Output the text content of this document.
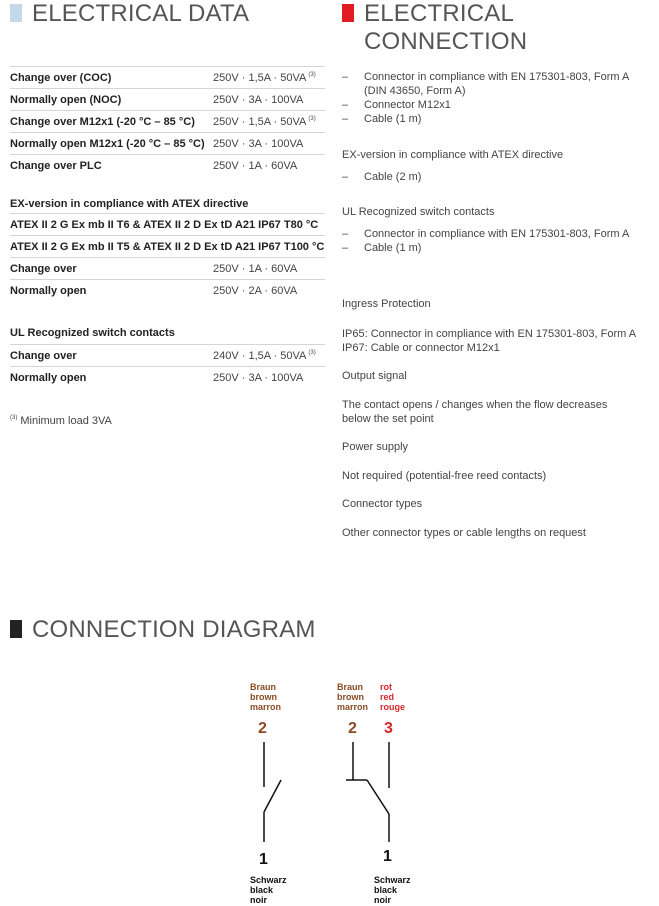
ELECTRICAL DATA
Change over (COC)	250V · 1,5A · 50VA $^{(3)}$
Normally open (NOC)	250V · 3A · 100VA
Change over M12x1 (-20 °C – 85 °C)	250V · 1,5A · 50VA $^{(3)}$
Normally open M12x1 (-20 °C – 85 °C) 250V · 3A · 100VA
Change over PLC	250V · 1A · 60VA
EX-version in compliance with ATEX directive
ATEX II 2 G Ex mb II T6 & ATEX II 2 D Ex tD A21 IP67 T80 °C
ATEX II 2 G Ex mb II T5 & ATEX II 2 D Ex tD A21 IP67 T100 °C
Change over	250V · 1A · 60VA
Normally open	250V · 2A · 60VA
UL Recognized switch contacts
Change over	240V · 1,5A · 50VA $^{(3)}$
Normally open	250V · 3A · 100VA
$^{(3)}$ Minimum load 3VA
ELECTRICAL
CONNECTION
– Connector in compliance with EN 175301-803, Form A (DIN 43650, Form A)
– Connector M12x1
– Cable (1 m)
EX-version in compliance with ATEX directive
– Cable (2 m)
UL Recognized switch contacts
– Connector in compliance with EN 175301-803, Form A
– Cable (1 m)
Ingress Protection
IP65: Connector in compliance with EN 175301-803, Form A
IP67: Cable or connector M12x1
Output signal
The contact opens / changes when the flow decreases below the set point
Power supply
Not required (potential-free reed contacts)
Connector types
Other connector types or cable lengths on request
CONNECTION DIAGRAM
Braun
brown
marron
2
Braun
brown
marron
rot
red
rouge
2 3
1
Schwarz
black
noir
1
Schwarz
black
noir
